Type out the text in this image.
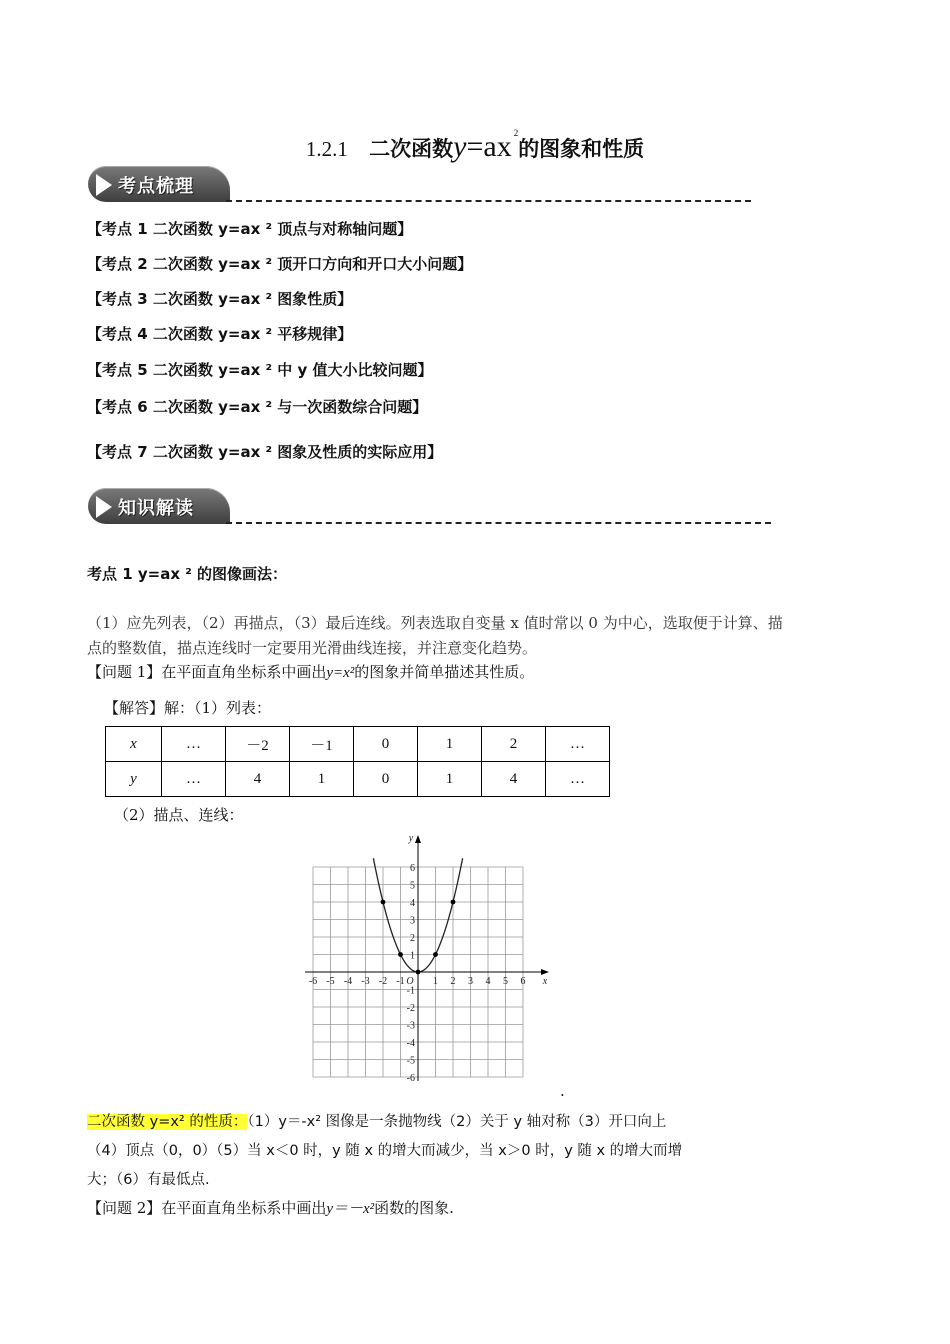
1.2.1 二次函数y=ax $^2$的图象和性质
考点梳理
【考点 1 二次函数 y=ax ² 顶点与对称轴问题】
【考点 2 二次函数 y=ax ² 顶开口方向和开口大小问题】
【考点 3 二次函数 y=ax ² 图象性质】
【考点 4 二次函数 y=ax ² 平移规律】
【考点 5 二次函数 y=ax ² 中 y 值大小比较问题】
【考点 6 二次函数 y=ax ² 与一次函数综合问题】
【考点 7 二次函数 y=ax ² 图象及性质的实际应用】
知识解读
考点 1 y=ax ² 的图像画法：
（1）应先列表，（2）再描点，（3）最后连线。列表选取自变量 x 值时常以 0 为中心，选取便于计算、描
点的整数值，描点连线时一定要用光滑曲线连接，并注意变化趋势。
【问题 1】在平面直角坐标系中画出y=x²的图象并简单描述其性质。
【解答】解：（1）列表：
x	…	－2	－1	0	1	2	…
y	…	4	1	0	1	4	…
（2）描点、连线：
-6 -5 -4 -3 -2 -1	1 2 3 4 5 6
6
5
4
3
2
1
-1
-2
-3
-4
-5
-6
O	x
y
.

二次函数 y=x² 的性质：（1）y＝-x² 图像是一条抛物线（2）关于 y 轴对称（3）开口向上

（4）顶点（0，0）（5）当 x＜0 时，y 随 x 的增大而减少，当 x＞0 时，y 随 x 的增大而增

大；（6）有最低点.

【问题 2】在平面直角坐标系中画出y＝－x²函数的图象.
